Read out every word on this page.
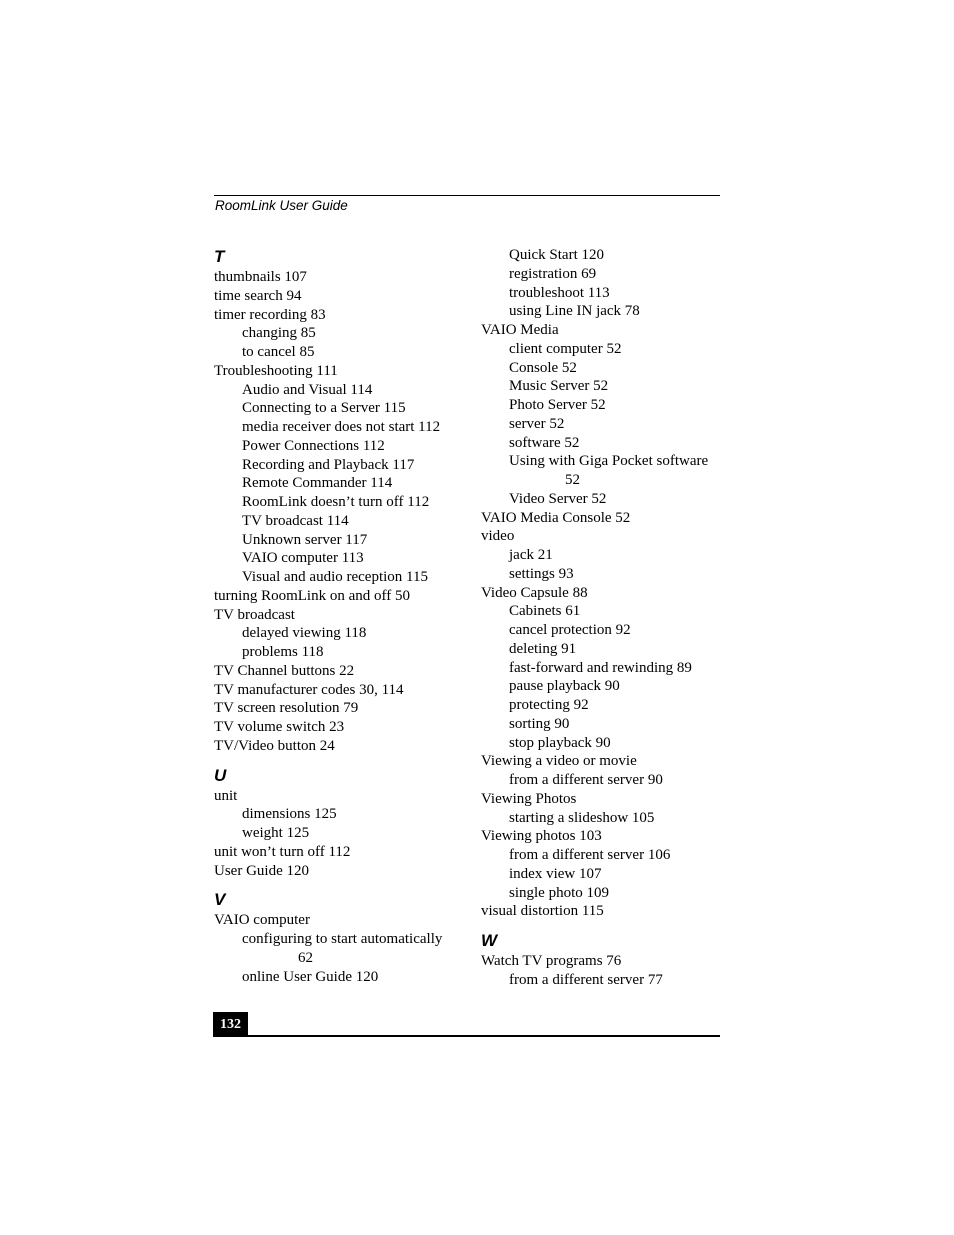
RoomLink User Guide
T
thumbnails 107
time search 94
timer recording 83
changing 85
to cancel 85
Troubleshooting 111
Audio and Visual 114
Connecting to a Server 115
media receiver does not start 112
Power Connections 112
Recording and Playback 117
Remote Commander 114
RoomLink doesn’t turn off 112
TV broadcast 114
Unknown server 117
VAIO computer 113
Visual and audio reception 115
turning RoomLink on and off 50
TV broadcast
delayed viewing 118
problems 118
TV Channel buttons 22
TV manufacturer codes 30, 114
TV screen resolution 79
TV volume switch 23
TV/Video button 24
U
unit
dimensions 125
weight 125
unit won’t turn off 112
User Guide 120
V
VAIO computer
configuring to start automatically
62
online User Guide 120
Quick Start 120
registration 69
troubleshoot 113
using Line IN jack 78
VAIO Media
client computer 52
Console 52
Music Server 52
Photo Server 52
server 52
software 52
Using with Giga Pocket software
52
Video Server 52
VAIO Media Console 52
video
jack 21
settings 93
Video Capsule 88
Cabinets 61
cancel protection 92
deleting 91
fast-forward and rewinding 89
pause playback 90
protecting 92
sorting 90
stop playback 90
Viewing a video or movie
from a different server 90
Viewing Photos
starting a slideshow 105
Viewing photos 103
from a different server 106
index view 107
single photo 109
visual distortion 115
W
Watch TV programs 76
from a different server 77
132
